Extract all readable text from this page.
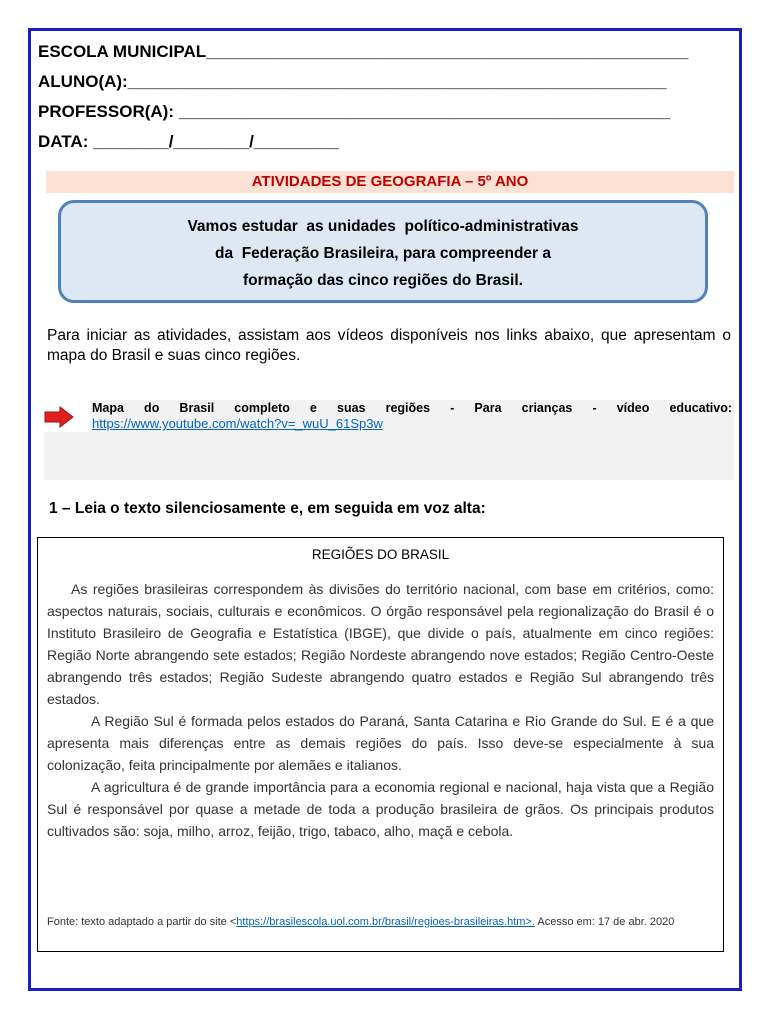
ESCOLA MUNICIPAL___________________________________________________
ALUNO(A):_________________________________________________________
PROFESSOR(A): ____________________________________________________
DATA: ________/________/_________
ATIVIDADES DE GEOGRAFIA – 5º ANO
Vamos estudar  as unidades  político-administrativas
da  Federação Brasileira, para compreender a
formação das cinco regiões do Brasil.
Para iniciar as atividades, assistam aos vídeos disponíveis nos links abaixo, que apresentam o mapa do Brasil e suas cinco regiões.
Mapa do Brasil completo e suas regiões - Para crianças - vídeo educativo:
https://www.youtube.com/watch?v=_wuU_61Sp3w
1 – Leia o texto silenciosamente e, em seguida em voz alta:
REGIÕES DO BRASIL

As regiões brasileiras correspondem às divisões do território nacional, com base em critérios, como: aspectos naturais, sociais, culturais e econômicos. O órgão responsável pela regionalização do Brasil é o Instituto Brasileiro de Geografia e Estatística (IBGE), que divide o país, atualmente em cinco regiões: Região Norte abrangendo sete estados; Região Nordeste abrangendo nove estados; Região Centro-Oeste abrangendo três estados; Região Sudeste abrangendo quatro estados e Região Sul abrangendo três estados.

A Região Sul é formada pelos estados do Paraná, Santa Catarina e Rio Grande do Sul. E é a que apresenta mais diferenças entre as demais regiões do país. Isso deve-se especialmente à sua colonização, feita principalmente por alemães e italianos.

A agricultura é de grande importância para a economia regional e nacional, haja vista que a Região Sul é responsável por quase a metade de toda a produção brasileira de grãos. Os principais produtos cultivados são: soja, milho, arroz, feijão, trigo, tabaco, alho, maçã e cebola.

Fonte: texto adaptado a partir do site <https://brasilescola.uol.com.br/brasil/regioes-brasileiras.htm>. Acesso em: 17 de abr. 2020
